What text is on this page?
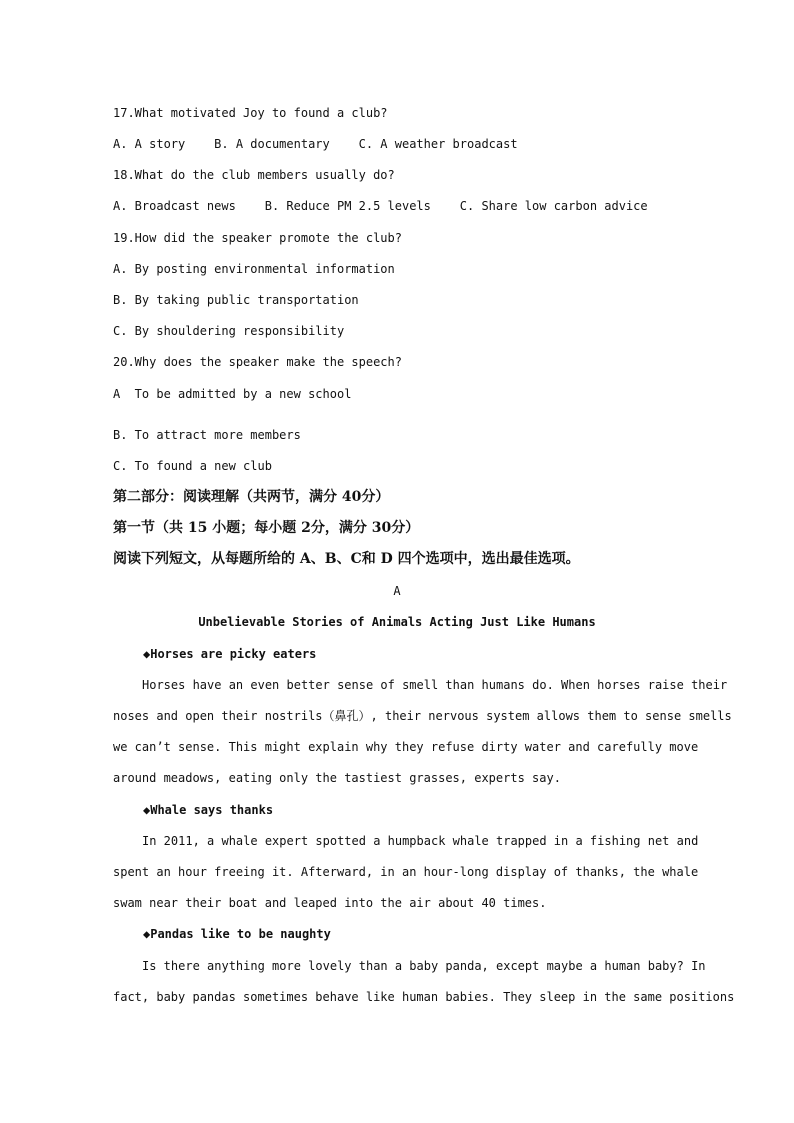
17.What motivated Joy to found a club?
A. A story    B. A documentary    C. A weather broadcast
18.What do the club members usually do?
A. Broadcast news    B. Reduce PM 2.5 levels    C. Share low carbon advice
19.How did the speaker promote the club?
A. By posting environmental information
B. By taking public transportation
C. By shouldering responsibility
20.Why does the speaker make the speech?
A  To be admitted by a new school
B. To attract more members
C. To found a new club
第二部分：阅读理解（共两节，满分 40分）
第一节（共 15 小题；每小题 2分，满分 30分）
阅读下列短文，从每题所给的 A、B、C和 D 四个选项中，选出最佳选项。
A
Unbelievable Stories of Animals Acting Just Like Humans
◆Horses are picky eaters
Horses have an even better sense of smell than humans do. When horses raise their
noses and open their nostrils（鼻孔）, their nervous system allows them to sense smells
we can’t sense. This might explain why they refuse dirty water and carefully move
around meadows, eating only the tastiest grasses, experts say.
◆Whale says thanks
In 2011, a whale expert spotted a humpback whale trapped in a fishing net and
spent an hour freeing it. Afterward, in an hour-long display of thanks, the whale
swam near their boat and leaped into the air about 40 times.
◆Pandas like to be naughty
Is there anything more lovely than a baby panda, except maybe a human baby? In
fact, baby pandas sometimes behave like human babies. They sleep in the same positions
